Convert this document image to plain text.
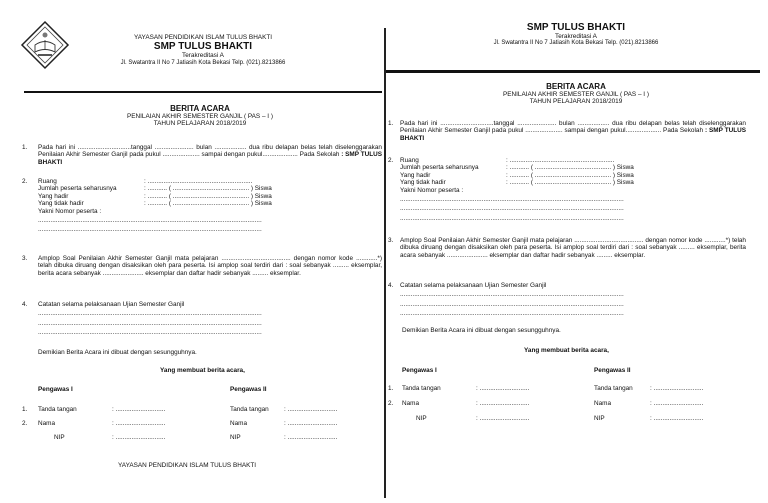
YAYASAN PENDIDIKAN ISLAM TULUS BHAKTI
SMP TULUS BHAKTI
Terakreditasi A
Jl. Swatantra II No 7 Jatiasih Kota Bekasi Telp. (021).8213866
BERITA ACARA
PENILAIAN AKHIR SEMESTER GANJIL ( PAS – I )
TAHUN PELAJARAN 2018/2019
1. Pada hari ini ..............................tanggal ...................... bulan .................. dua ribu delapan belas telah diselenggarakan Penilaian Akhir Semester Ganjil pada pukul ..................... sampai dengan pukul.................... Pada Sekolah : SMP TULUS BHAKTI
2. Ruang	: ...........................................................
Jumlah peserta seharusnya	: ........... ( ........................................... ) Siswa
Yang hadir	: ........... ( ........................................... ) Siswa
Yang tidak hadir	: ........... ( ........................................... ) Siswa
Yakni Nomor peserta :
..............................................................................................................................
..............................................................................................................................
3. Amplop Soal Penilaian Akhir Semester Ganjil mata pelajaran ....................................... dengan nomor kode ............*) telah dibuka diruang dengan disaksikan oleh para peserta. Isi amplop soal terdiri dari : soal sebanyak ......... eksemplar, berita acara sebanyak ....................... eksemplar dan daftar hadir sebanyak ......... eksemplar.
4. Catatan selama pelaksanaan Ujian Semester Ganjil
..............................................................................................................................
..............................................................................................................................
..............................................................................................................................
Demikian Berita Acara ini dibuat dengan sesungguhnya.
Yang membuat berita acara,
Pengawas I	Pengawas II
1. Tanda tangan	: ............................	Tanda tangan : ............................
2. Nama	: ............................	Nama	: ............................
NIP	: ............................	NIP	: ............................
YAYASAN PENDIDIKAN ISLAM TULUS BHAKTI
SMP TULUS BHAKTI
Terakreditasi A
Jl. Swatantra II No 7 Jatiasih Kota Bekasi Telp. (021).8213866
BERITA ACARA
PENILAIAN AKHIR SEMESTER GANJIL ( PAS – I )
TAHUN PELAJARAN 2018/2019
1. Pada hari ini ..............................tanggal ...................... bulan .................. dua ribu delapan belas telah diselenggarakan Penilaian Akhir Semester Ganjil pada pukul ..................... sampai dengan pukul.................... Pada Sekolah : SMP TULUS BHAKTI
2. Ruang	: ...........................................................
Jumlah peserta seharusnya	: ........... ( ........................................... ) Siswa
Yang hadir	: ........... ( ........................................... ) Siswa
Yang tidak hadir	: ........... ( ........................................... ) Siswa
Yakni Nomor peserta :
..............................................................................................................................
..............................................................................................................................
..............................................................................................................................
3. Amplop Soal Penilaian Akhir Semester Ganjil mata pelajaran ....................................... dengan nomor kode ............*) telah dibuka diruang dengan disaksikan oleh para peserta. Isi amplop soal terdiri dari : soal sebanyak ......... eksemplar, berita acara sebanyak ....................... eksemplar dan daftar hadir sebanyak ......... eksemplar.
4. Catatan selama pelaksanaan Ujian Semester Ganjil
..............................................................................................................................
..............................................................................................................................
..............................................................................................................................
Demikian Berita Acara ini dibuat dengan sesungguhnya.
Yang membuat berita acara,
Pengawas I	Pengawas II
1. Tanda tangan	: ............................	Tanda tangan	: ............................
2. Nama	: ............................	Nama	: ............................
NIP	: ............................	NIP	: ............................
